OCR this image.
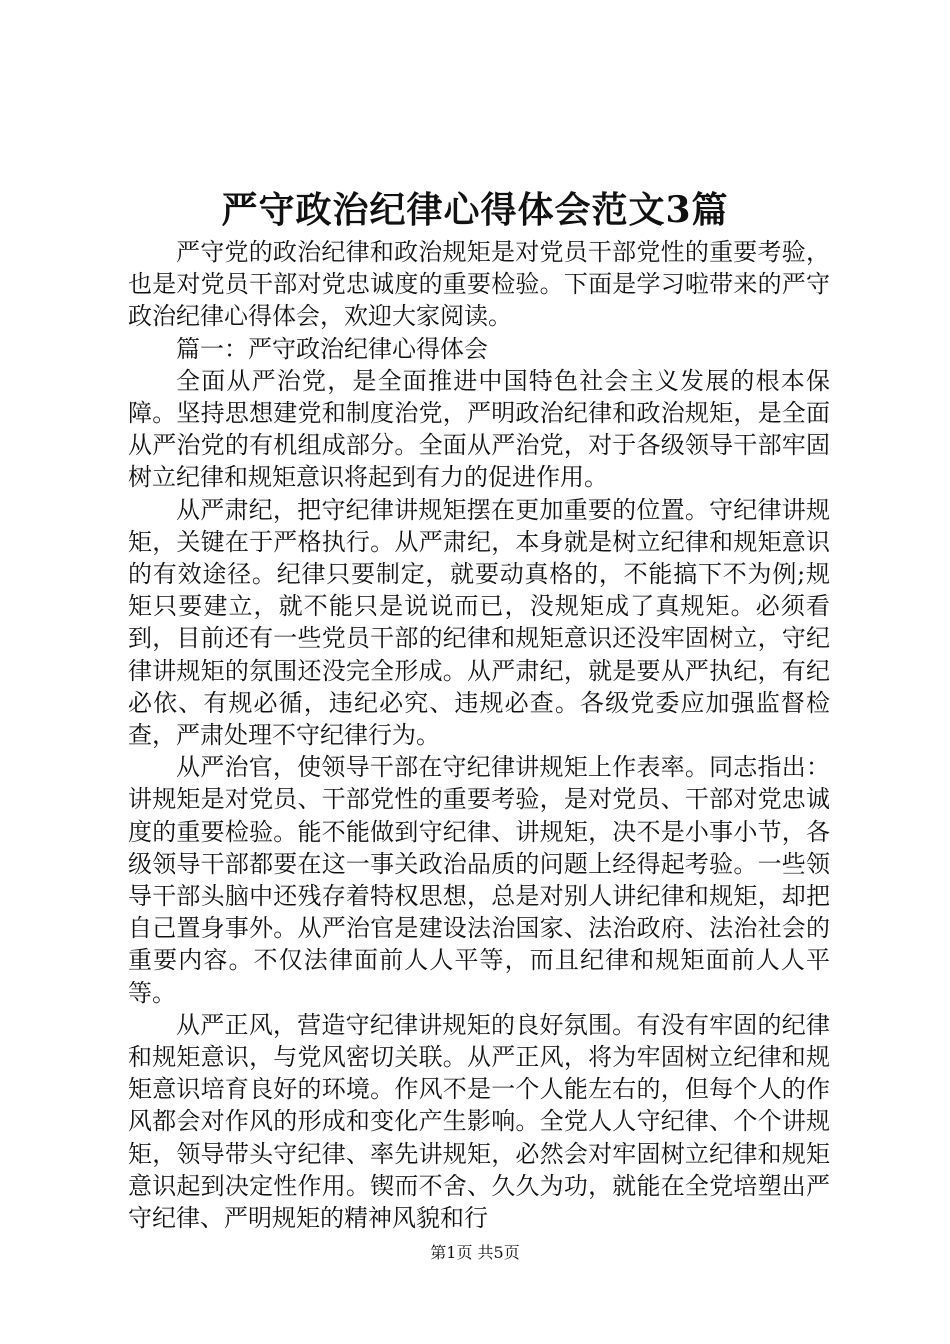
严守政治纪律心得体会范文3篇

严守党的政治纪律和政治规矩是对党员干部党性的重要考验，也是对党员干部对党忠诚度的重要检验。下面是学习啦带来的严守政治纪律心得体会，欢迎大家阅读。

篇一：严守政治纪律心得体会

全面从严治党，是全面推进中国特色社会主义发展的根本保障。坚持思想建党和制度治党，严明政治纪律和政治规矩，是全面从严治党的有机组成部分。全面从严治党，对于各级领导干部牢固树立纪律和规矩意识将起到有力的促进作用。

从严肃纪，把守纪律讲规矩摆在更加重要的位置。守纪律讲规矩，关键在于严格执行。从严肃纪，本身就是树立纪律和规矩意识的有效途径。纪律只要制定，就要动真格的，不能搞下不为例;规矩只要建立，就不能只是说说而已，没规矩成了真规矩。必须看到，目前还有一些党员干部的纪律和规矩意识还没牢固树立，守纪律讲规矩的氛围还没完全形成。从严肃纪，就是要从严执纪，有纪必依、有规必循，违纪必究、违规必查。各级党委应加强监督检查，严肃处理不守纪律行为。

从严治官，使领导干部在守纪律讲规矩上作表率。同志指出：讲规矩是对党员、干部党性的重要考验，是对党员、干部对党忠诚度的重要检验。能不能做到守纪律、讲规矩，决不是小事小节，各级领导干部都要在这一事关政治品质的问题上经得起考验。一些领导干部头脑中还残存着特权思想，总是对别人讲纪律和规矩，却把自己置身事外。从严治官是建设法治国家、法治政府、法治社会的重要内容。不仅法律面前人人平等，而且纪律和规矩面前人人平等。

从严正风，营造守纪律讲规矩的良好氛围。有没有牢固的纪律和规矩意识，与党风密切关联。从严正风，将为牢固树立纪律和规矩意识培育良好的环境。作风不是一个人能左右的，但每个人的作风都会对作风的形成和变化产生影响。全党人人守纪律、个个讲规矩，领导带头守纪律、率先讲规矩，必然会对牢固树立纪律和规矩意识起到决定性作用。锲而不舍、久久为功，就能在全党培塑出严守纪律、严明规矩的精神风貌和行

第1页 共5页
